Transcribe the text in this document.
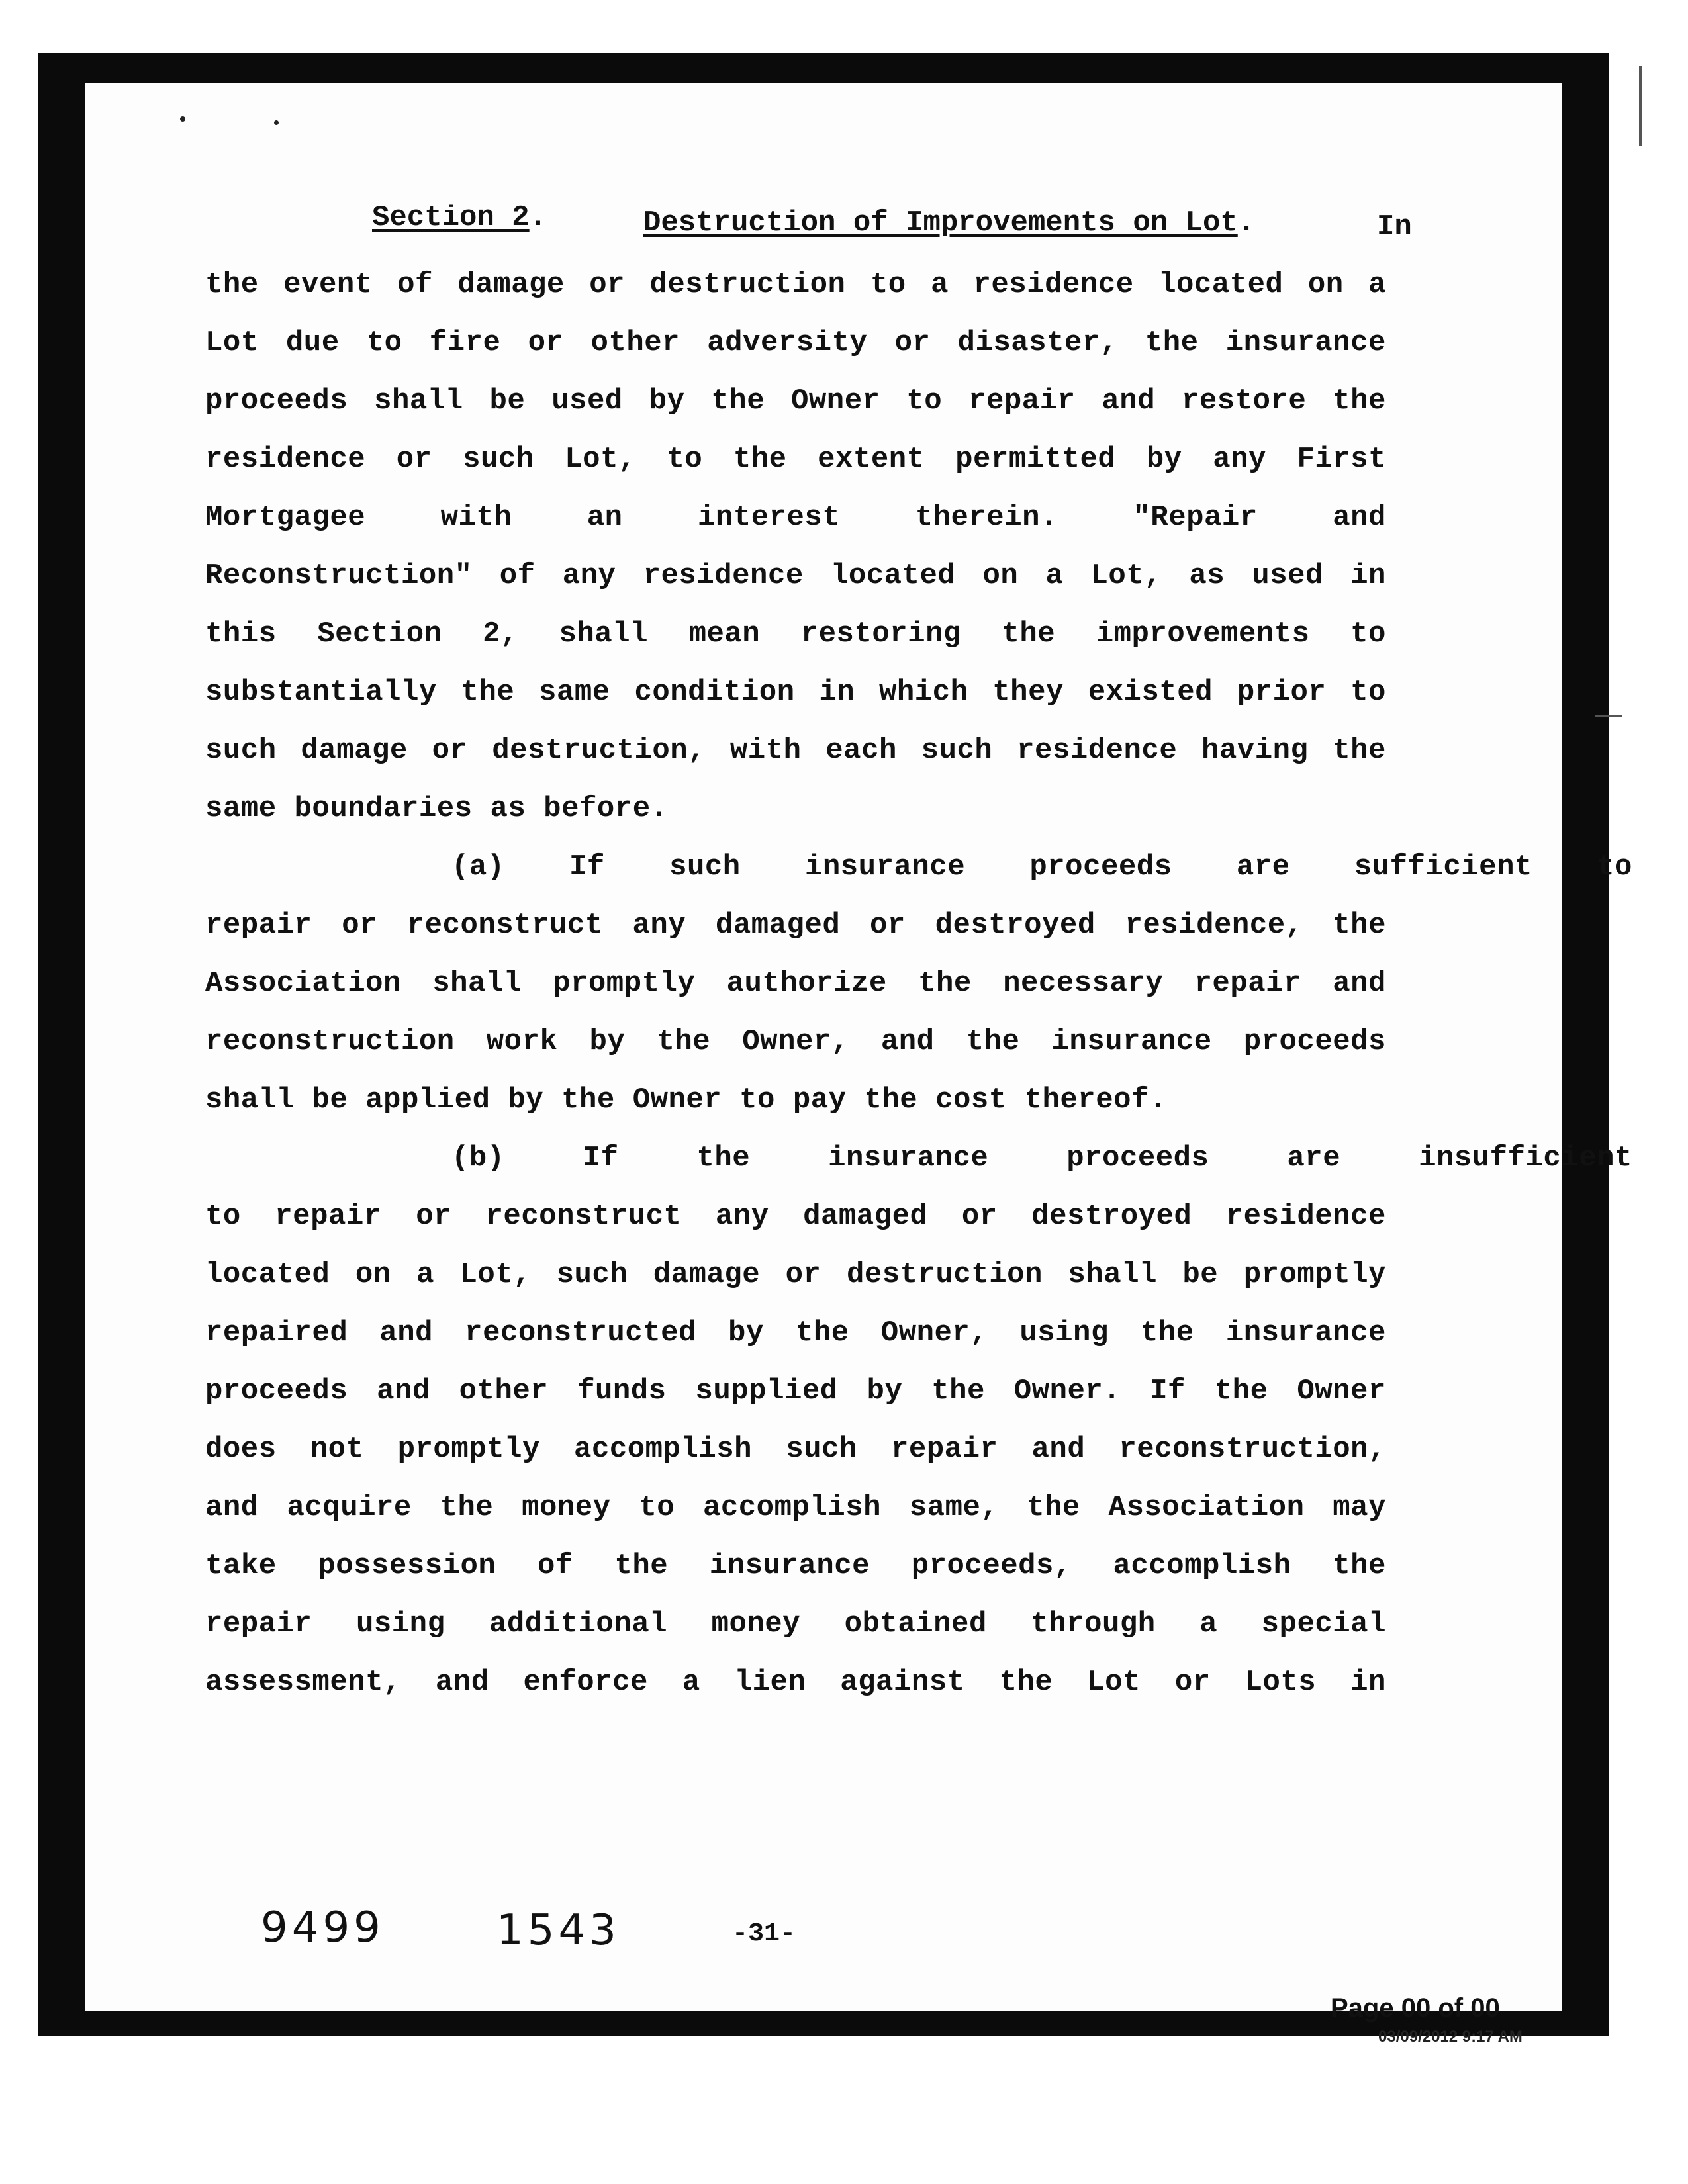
Section 2.	Destruction of Improvements on Lot.	In
the event of damage or destruction to a residence located on a
Lot due to fire or other adversity or disaster, the insurance
proceeds shall be used by the Owner to repair and restore the
residence or such Lot, to the extent permitted by any First
Mortgagee	with	an	interest	therein.	"Repair	and
Reconstruction" of any residence located on a Lot, as used in
this Section 2, shall mean restoring the improvements to
substantially the same condition in which they existed prior to
such damage or destruction, with each such residence having the
same boundaries as before.
(a) If such insurance proceeds are sufficient to
repair or reconstruct any damaged or destroyed residence, the
Association shall promptly authorize the necessary repair and
reconstruction work by the Owner, and the insurance proceeds
shall be applied by the Owner to pay the cost thereof.
(b)	If	the	insurance	proceeds	are	insufficient
to repair or reconstruct any damaged or destroyed residence
located on a Lot, such damage or destruction shall be promptly
repaired and reconstructed by the Owner, using the insurance
proceeds and other funds supplied by the Owner. If the Owner
does not promptly accomplish such repair and reconstruction,
and acquire the money to accomplish same, the Association may
take possession of the insurance proceeds, accomplish the
repair using additional money obtained through a special
assessment, and enforce a lien against the Lot or Lots in
9499	1543	-31-
Page 00 of 00
03/09/2012 9:17 AM
